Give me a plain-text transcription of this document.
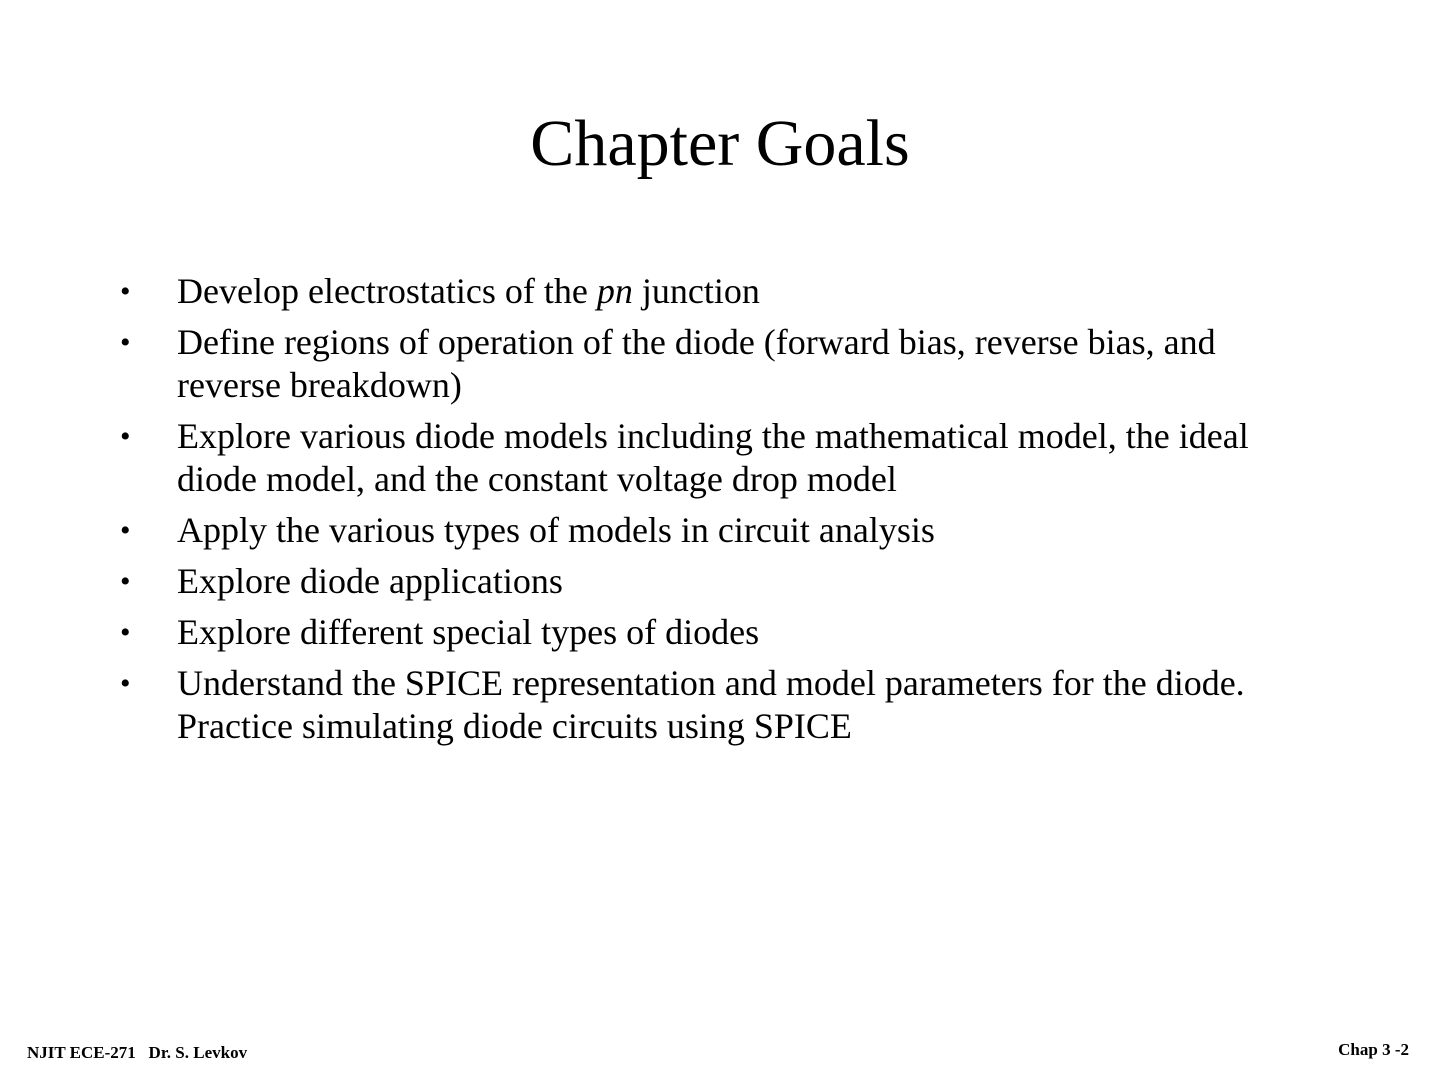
Chapter Goals
• Develop electrostatics of the pn junction
• Define regions of operation of the diode (forward bias, reverse bias, and reverse breakdown)
• Explore various diode models including the mathematical model, the ideal diode model, and the constant voltage drop model
• Apply the various types of models in circuit analysis
• Explore diode applications
• Explore different special types of diodes
• Understand the SPICE representation and model parameters for the diode. Practice simulating diode circuits using SPICE
NJIT ECE-271   Dr. S. Levkov	Chap 3 -2
